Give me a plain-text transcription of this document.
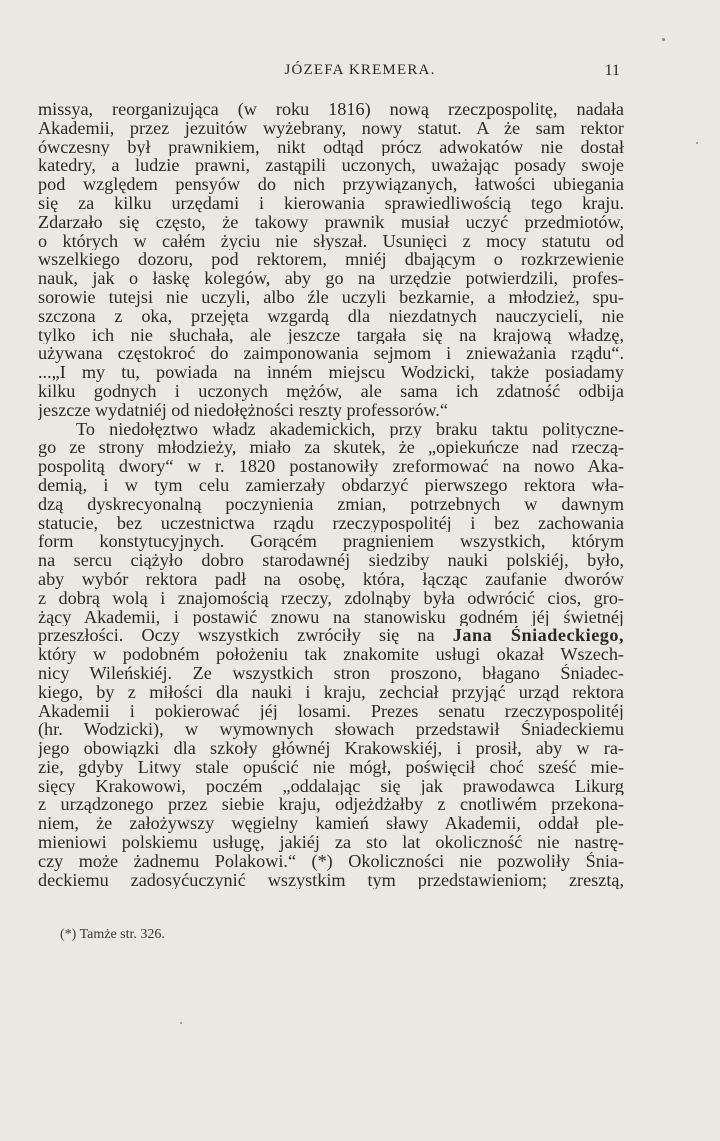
JÓZEFA KREMERA.	11
missya, reorganizująca (w roku 1816) nową rzeczpospolitę, nadała
Akademii, przez jezuitów wyżebrany, nowy statut. A że sam rektor
ówczesny był prawnikiem, nikt odtąd prócz adwokatów nie dostał
katedry, a ludzie prawni, zastąpili uczonych, uważając posady swoje
pod względem pensyów do nich przywiązanych, łatwości ubiegania
się za kilku urzędami i kierowania sprawiedliwością tego kraju.
Zdarzało się często, że takowy prawnik musiał uczyć przedmiotów,
o których w całém życiu nie słyszał. Usunięci z mocy statutu od
wszelkiego dozoru, pod rektorem, mniéj dbającym o rozkrzewienie
nauk, jak o łaskę kolegów, aby go na urzędzie potwierdzili, profes-
sorowie tutejsi nie uczyli, albo źle uczyli bezkarnie, a młodzież, spu-
szczona z oka, przejęta wzgardą dla niezdatnych nauczycieli, nie
tylko ich nie słuchała, ale jeszcze targała się na krajową władzę,
używana częstokroć do zaimponowania sejmom i znieważania rządu“.
...„I my tu, powiada na inném miejscu Wodzicki, także posiadamy
kilku godnych i uczonych mężów, ale sama ich zdatność odbija
jeszcze wydatniéj od niedołężności reszty professorów.“
To niedołęztwo władz akademickich, przy braku taktu polityczne-
go ze strony młodzieży, miało za skutek, że „opiekuńcze nad rzeczą-
pospolitą dwory“ w r. 1820 postanowiły zreformować na nowo Aka-
demią, i w tym celu zamierzały obdarzyć pierwszego rektora wła-
dzą dyskrecyonalną poczynienia zmian, potrzebnych w dawnym
statucie, bez uczestnictwa rządu rzeczypospolitéj i bez zachowania
form konstytucyjnych. Gorącém pragnieniem wszystkich, którym
na sercu ciążyło dobro starodawnéj siedziby nauki polskiéj, było,
aby wybór rektora padł na osobę, która, łącząc zaufanie dworów
z dobrą wolą i znajomością rzeczy, zdolnąby była odwrócić cios, gro-
żący Akademii, i postawić znowu na stanowisku godném jéj świetnéj
przeszłości. Oczy wszystkich zwróciły się na Jana Śniadeckiego,
który w podobném położeniu tak znakomite usługi okazał Wszech-
nicy Wileńskiéj. Ze wszystkich stron proszono, błagano Śniadec-
kiego, by z miłości dla nauki i kraju, zechciał przyjąć urząd rektora
Akademii i pokierować jéj losami. Prezes senatu rzeczypospolitéj
(hr. Wodzicki), w wymownych słowach przedstawił Śniadeckiemu
jego obowiązki dla szkoły głównéj Krakowskiéj, i prosił, aby w ra-
zie, gdyby Litwy stale opuścić nie mógł, poświęcił choć sześć mie-
sięcy Krakowowi, poczém „oddalając się jak prawodawca Likurg
z urządzonego przez siebie kraju, odjeżdżałby z cnotliwém przekona-
niem, że założywszy węgielny kamień sławy Akademii, oddał ple-
mieniowi polskiemu usługę, jakiéj za sto lat okoliczność nie nastrę-
czy może żadnemu Polakowi.“ (*) Okoliczności nie pozwoliły Śnia-
deckiemu zadosyćuczynić wszystkim tym przedstawieniom; zresztą,
(*) Tamże str. 326.
